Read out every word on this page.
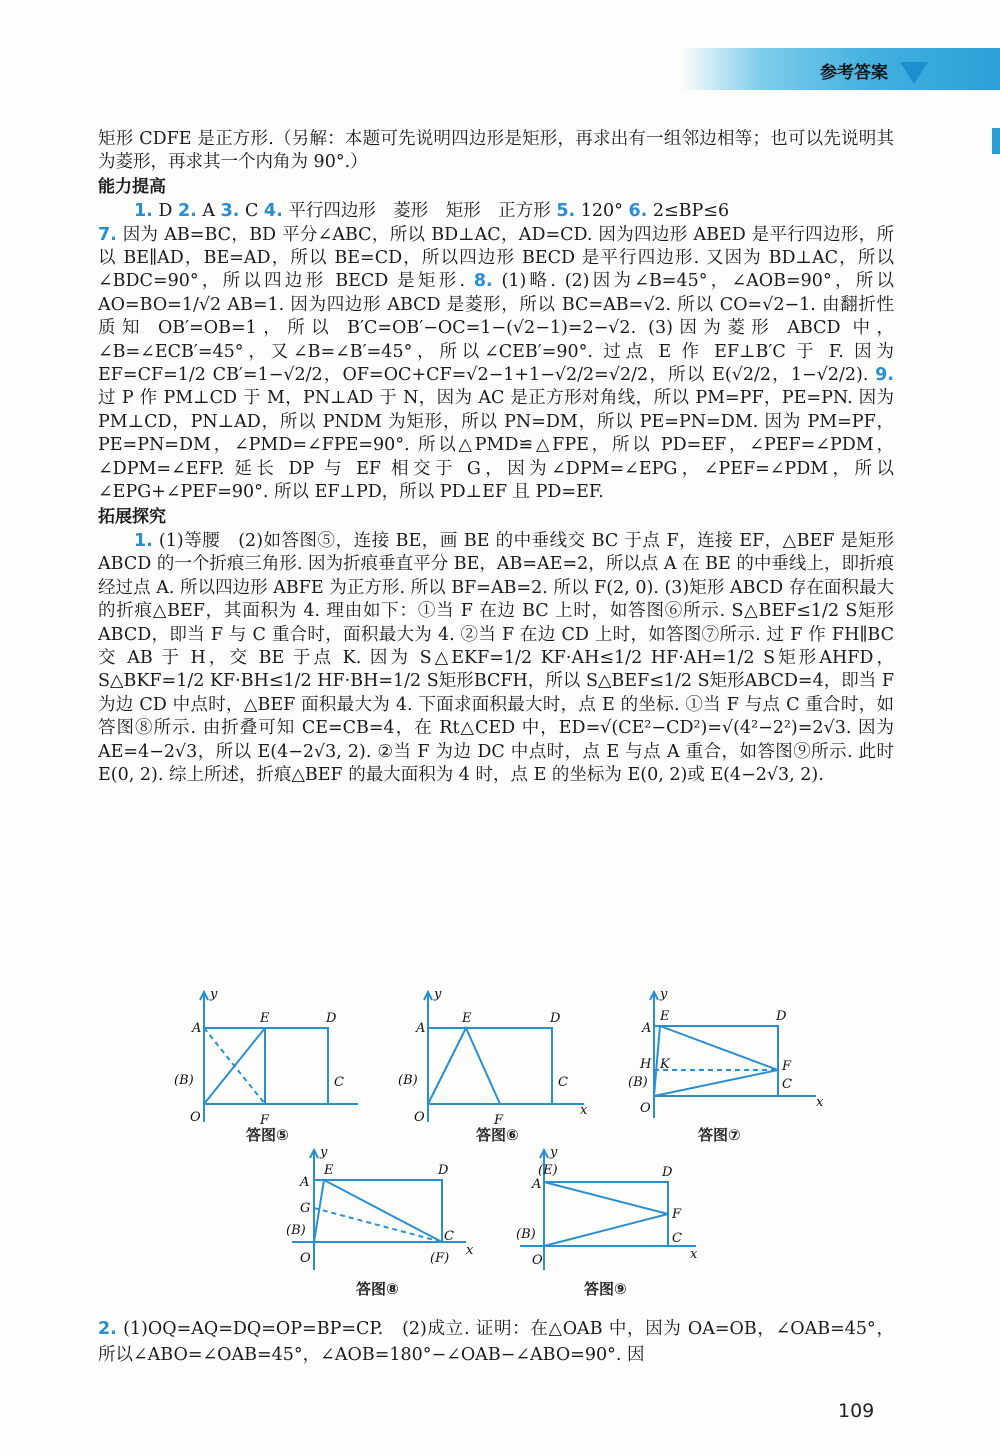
参考答案

矩形 CDFE 是正方形.（另解：本题可先说明四边形是矩形，再求出有一组邻边相等；也可以先说明其为菱形，再求其一个内角为 90°.）

能力提高

1. D 2. A 3. C 4. 平行四边形　菱形　矩形　正方形 5. 120° 6. 2≤BP≤6

7. 因为 AB=BC，BD 平分∠ABC，所以 BD⊥AC，AD=CD. 因为四边形 ABED 是平行四边形，所以 BE∥AD，BE=AD，所以 BE=CD，所以四边形 BECD 是平行四边形. 又因为 BD⊥AC，所以∠BDC=90°，所以四边形 BECD 是矩形. 8. (1)略. (2)因为∠B=45°，∠AOB=90°，所以 AO=BO=1/√2 AB=1. 因为四边形 ABCD 是菱形，所以 BC=AB=√2. 所以 CO=√2−1. 由翻折性质知 OB′=OB=1，所以 B′C=OB′−OC=1−(√2−1)=2−√2. (3)因为菱形 ABCD 中，∠B=∠ECB′=45°，又∠B=∠B′=45°，所以∠CEB′=90°. 过点 E 作 EF⊥B′C 于 F. 因为 EF=CF=1/2 CB′=1−√2/2，OF=OC+CF=√2−1+1−√2/2=√2/2，所以 E(√2/2，1−√2/2). 9. 过 P 作 PM⊥CD 于 M，PN⊥AD 于 N，因为 AC 是正方形对角线，所以 PM=PF，PE=PN. 因为 PM⊥CD，PN⊥AD，所以 PNDM 为矩形，所以 PN=DM，所以 PE=PN=DM. 因为 PM=PF，PE=PN=DM，∠PMD=∠FPE=90°. 所以△PMD≌△FPE，所以 PD=EF，∠PEF=∠PDM，∠DPM=∠EFP. 延长 DP 与 EF 相交于 G，因为∠DPM=∠EPG，∠PEF=∠PDM，所以∠EPG+∠PEF=90°. 所以 EF⊥PD，所以 PD⊥EF 且 PD=EF.

拓展探究

1. (1)等腰　(2)如答图⑤，连接 BE，画 BE 的中垂线交 BC 于点 F，连接 EF，△BEF 是矩形 ABCD 的一个折痕三角形. 因为折痕垂直平分 BE，AB=AE=2，所以点 A 在 BE 的中垂线上，即折痕经过点 A. 所以四边形 ABFE 为正方形. 所以 BF=AB=2. 所以 F(2, 0). (3)矩形 ABCD 存在面积最大的折痕△BEF，其面积为 4. 理由如下：①当 F 在边 BC 上时，如答图⑥所示. S△BEF≤1/2 S矩形ABCD，即当 F 与 C 重合时，面积最大为 4. ②当 F 在边 CD 上时，如答图⑦所示. 过 F 作 FH∥BC 交 AB 于 H，交 BE 于点 K. 因为 S△EKF=1/2 KF·AH≤1/2 HF·AH=1/2 S矩形AHFD，S△BKF=1/2 KF·BH≤1/2 HF·BH=1/2 S矩形BCFH，所以 S△BEF≤1/2 S矩形ABCD=4，即当 F 为边 CD 中点时，△BEF 面积最大为 4. 下面求面积最大时，点 E 的坐标. ①当 F 与点 C 重合时，如答图⑧所示. 由折叠可知 CE=CB=4，在 Rt△CED 中，ED=√(CE²−CD²)=√(4²−2²)=2√3. 因为 AE=4−2√3，所以 E(4−2√3, 2). ②当 F 为边 DC 中点时，点 E 与点 A 重合，如答图⑨所示. 此时 E(0, 2). 综上所述，折痕△BEF 的最大面积为 4 时，点 E 的坐标为 E(0, 2)或 E(4−2√3, 2).

y
A
E	D
(B)	C
O	F
答图⑤
y
x
A
E	D
(B)	C
O	F
答图⑥
y
x
A
E	D
H K
(B)
F
C
O
答图⑦
y
x
E	D
A
G
(B)	C
O	(F)
答图⑧
y
x
(E)	D
A
F
(B)	C
O
答图⑨
2. (1)OQ=AQ=DQ=OP=BP=CP.　(2)成立. 证明：在△OAB 中，因为 OA=OB，∠OAB=45°，所以∠ABO=∠OAB=45°，∠AOB=180°−∠OAB−∠ABO=90°. 因
109
